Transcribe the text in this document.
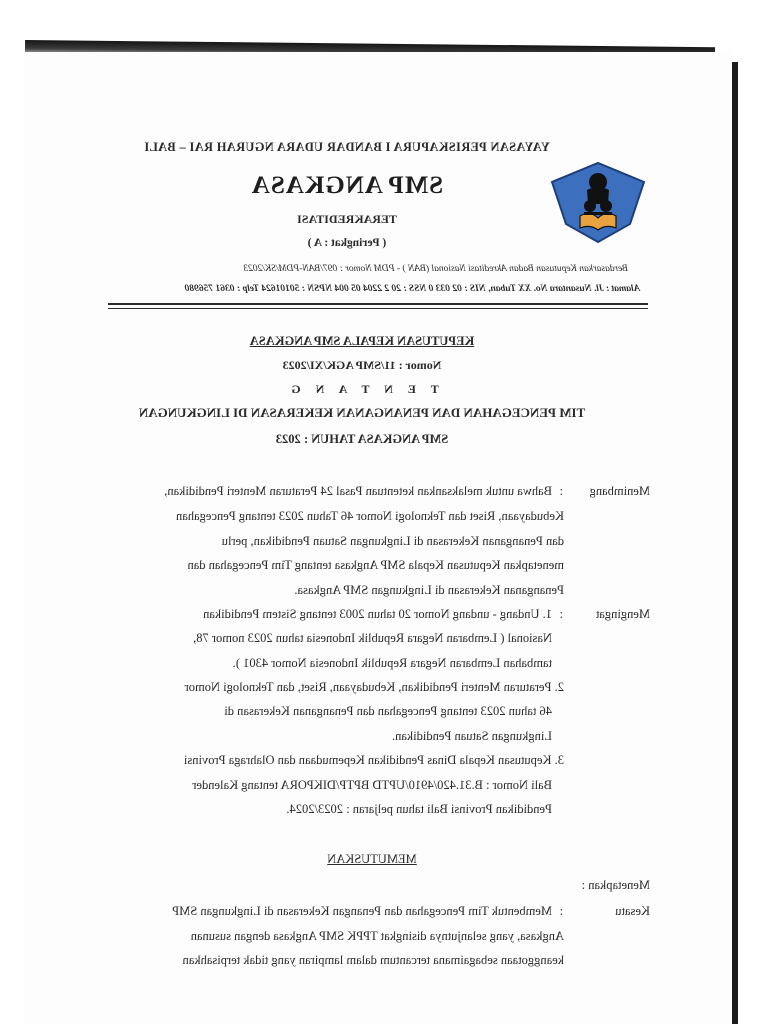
YAYASAN PERISKAPURA I BANDAR UDARA NGURAH RAI – BALI
SMP ANGKASA
TERAKREDITASI
( Peringkat : A )
Berdasarkan Keputusan Badan Akreditasi Nasional (BAN ) - PDM Nomor : 097/BAN-PDM/SK/2023
Alamat : Jl. Nusantara No. XX Tuban, NIS : 02 033 0 NSS : 20 2 2204 05 004 NPSN : 50101624 Telp : 0361 756980
KEPUTUSAN KEPALA SMP ANGKASA
Nomor : 11/SMP AGK/XI/2023
T E N T A N G
TIM PENCEGAHAN DAN PENANGANAN KEKERASAN DI LINGKUNGAN
SMP ANGKASA TAHUN : 2023
Menimbang
:
Bahwa untuk melaksankan ketentuan Pasal 24 Peraturan Menteri Pendidikan,
Kebudayaan, Riset dan Teknologi Nomor 46 Tahun 2023 tentang Pencegahan
dan Penanganan Kekerasan di Lingkungan Satuan Pendidikan, perlu
menetapkan Keputusan Kepala SMP Angkasa tentang Tim Pencegahan dan
Penanganan Kekerasan di Lingkungan SMP Angkasa.
Mengingat
:
1. Undang - undang Nomor 20 tahun 2003 tentang Sistem Pendidikan
Nasional ( Lembaran Negara Republik Indonesia tahun 2023 nomor 78,
tambahan Lembaran Negara Republik Indonesia Nomor 4301 ).
2. Peraturan Menteri Pendidikan, Kebudayaan, Riset, dan Teknologi Nomor
46 tahun 2023 tentang Pencegahan dan Penanganan Kekerasan di
Lingkungan Satuan Pendidikan.
3. Keputusan Kepala Dinas Pendidikan Kepemudaan dan Olahraga Provinsi
Bali Nomor : B.31.420/4910/UPTD BPTP/DIKPORA tentang Kalender
Pendidikan Provinsi Bali tahun peljaran : 2023/2024.
MEMUTUSKAN
Menetapkan :
Kesatu
:
Membentuk Tim Pencegahan dan Penangan Kekerasan di Lingkungan SMP
Angkasa, yang selanjutnya disingkat TPPK SMP Angkasa dengan susunan
keanggotaan sebagaimana tercantum dalam lampiran yang tidak terpisahkan
